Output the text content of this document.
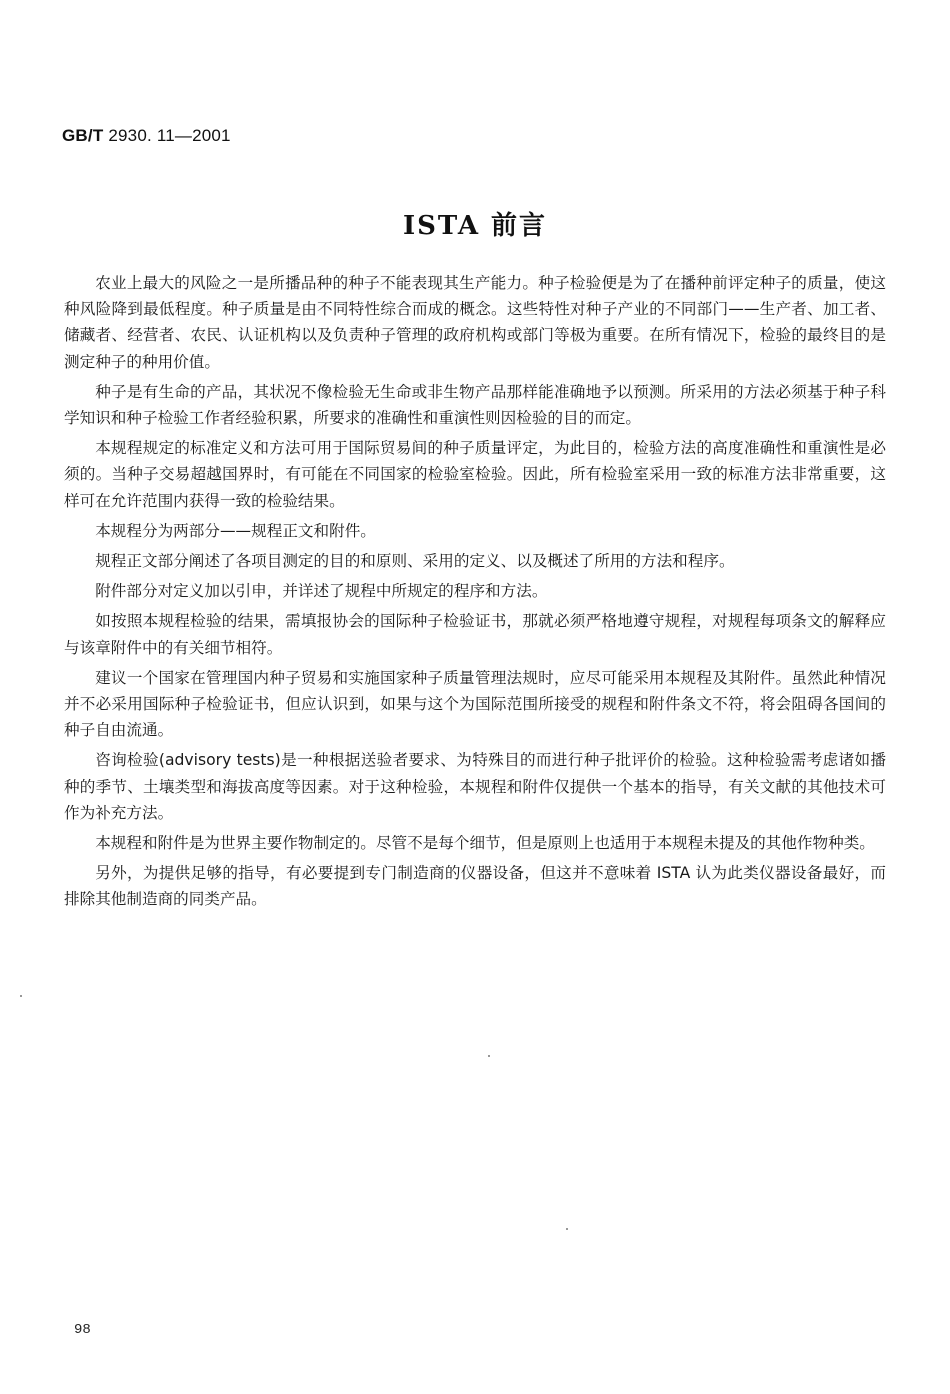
GB/T 2930. 11—2001
ISTA 前言

农业上最大的风险之一是所播品种的种子不能表现其生产能力。种子检验便是为了在播种前评定种子的质量，使这种风险降到最低程度。种子质量是由不同特性综合而成的概念。这些特性对种子产业的不同部门——生产者、加工者、储藏者、经营者、农民、认证机构以及负责种子管理的政府机构或部门等极为重要。在所有情况下，检验的最终目的是测定种子的种用价值。

种子是有生命的产品，其状况不像检验无生命或非生物产品那样能准确地予以预测。所采用的方法必须基于种子科学知识和种子检验工作者经验积累，所要求的准确性和重演性则因检验的目的而定。

本规程规定的标准定义和方法可用于国际贸易间的种子质量评定，为此目的，检验方法的高度准确性和重演性是必须的。当种子交易超越国界时，有可能在不同国家的检验室检验。因此，所有检验室采用一致的标准方法非常重要，这样可在允许范围内获得一致的检验结果。

本规程分为两部分——规程正文和附件。

规程正文部分阐述了各项目测定的目的和原则、采用的定义、以及概述了所用的方法和程序。

附件部分对定义加以引申，并详述了规程中所规定的程序和方法。

如按照本规程检验的结果，需填报协会的国际种子检验证书，那就必须严格地遵守规程，对规程每项条文的解释应与该章附件中的有关细节相符。

建议一个国家在管理国内种子贸易和实施国家种子质量管理法规时，应尽可能采用本规程及其附件。虽然此种情况并不必采用国际种子检验证书，但应认识到，如果与这个为国际范围所接受的规程和附件条文不符，将会阻碍各国间的种子自由流通。

咨询检验(advisory tests)是一种根据送验者要求、为特殊目的而进行种子批评价的检验。这种检验需考虑诸如播种的季节、土壤类型和海拔高度等因素。对于这种检验，本规程和附件仅提供一个基本的指导，有关文献的其他技术可作为补充方法。

本规程和附件是为世界主要作物制定的。尽管不是每个细节，但是原则上也适用于本规程未提及的其他作物种类。

另外，为提供足够的指导，有必要提到专门制造商的仪器设备，但这并不意味着 ISTA 认为此类仪器设备最好，而排除其他制造商的同类产品。

98
